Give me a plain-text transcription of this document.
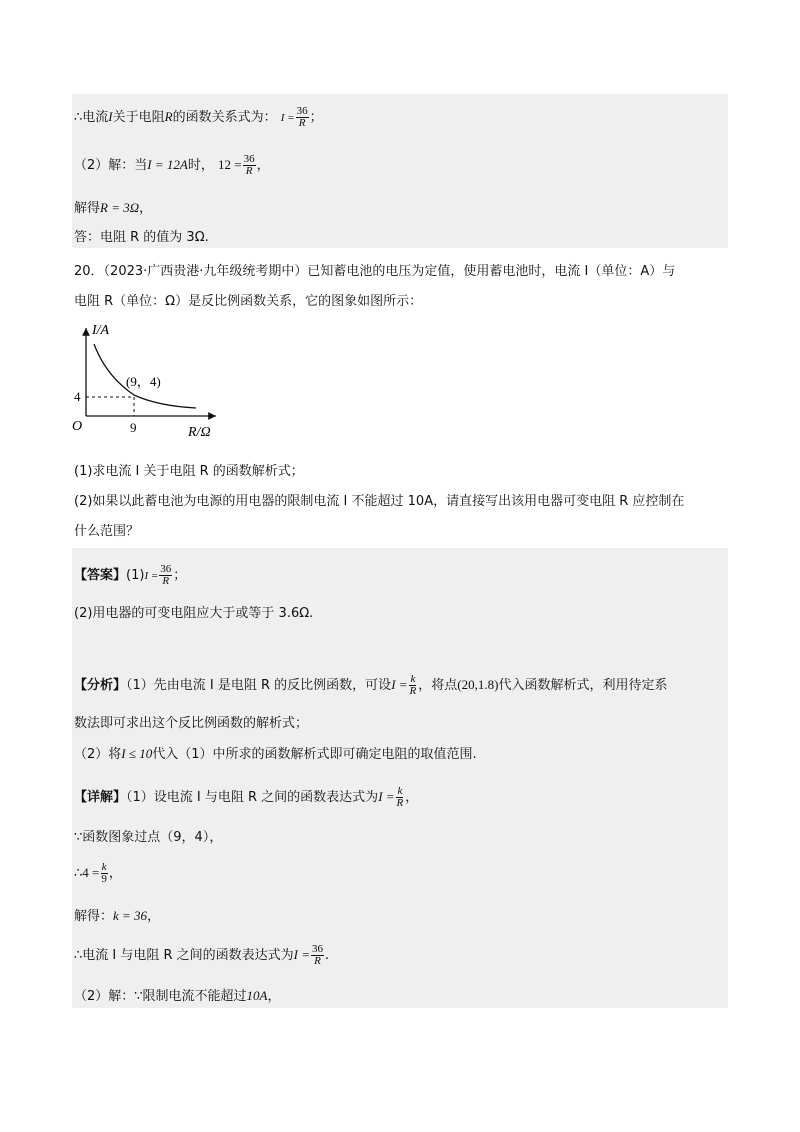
∴电流I关于电阻R的函数关系式为： $I = \frac{36}{R}$ ；
（2）解：当I = 12A时， $12 = \frac{36}{R}$ ，
解得R = 3Ω，
答：电阻 R 的值为 3Ω.
20．（2023·广西贵港·九年级统考期中）已知蓄电池的电压为定值，使用蓄电池时，电流 I（单位：A）与
电阻 R（单位：Ω）是反比例函数关系，它的图象如图所示：
I/A
R/Ω
O	9
4
(9，4)
(1)求电流 I 关于电阻 R 的函数解析式；
(2)如果以此蓄电池为电源的用电器的限制电流 I 不能超过 10A，请直接写出该用电器可变电阻 R 应控制在
什么范围？
【答案】$(1)I = \frac{36}{R}$ ；
(2)用电器的可变电阻应大于或等于 3.6Ω.
【分析】（1）先由电流 I 是电阻 R 的反比例函数，可设$I = \frac{k}{R}$ ，将点(20,1.8)代入函数解析式，利用待定系
数法即可求出这个反比例函数的解析式；
（2）将I ≤ 10代入（1）中所求的函数解析式即可确定电阻的取值范围.
【详解】（1）设电流 I 与电阻 R 之间的函数表达式为$I = \frac{k}{R}$ ，
∵函数图象过点（9，4），
∴4 = $\frac{k}{9}$ ，
解得：k = 36，
∴电流 I 与电阻 R 之间的函数表达式为$I = \frac{36}{R}$ .
（2）解：∵限制电流不能超过10A，
